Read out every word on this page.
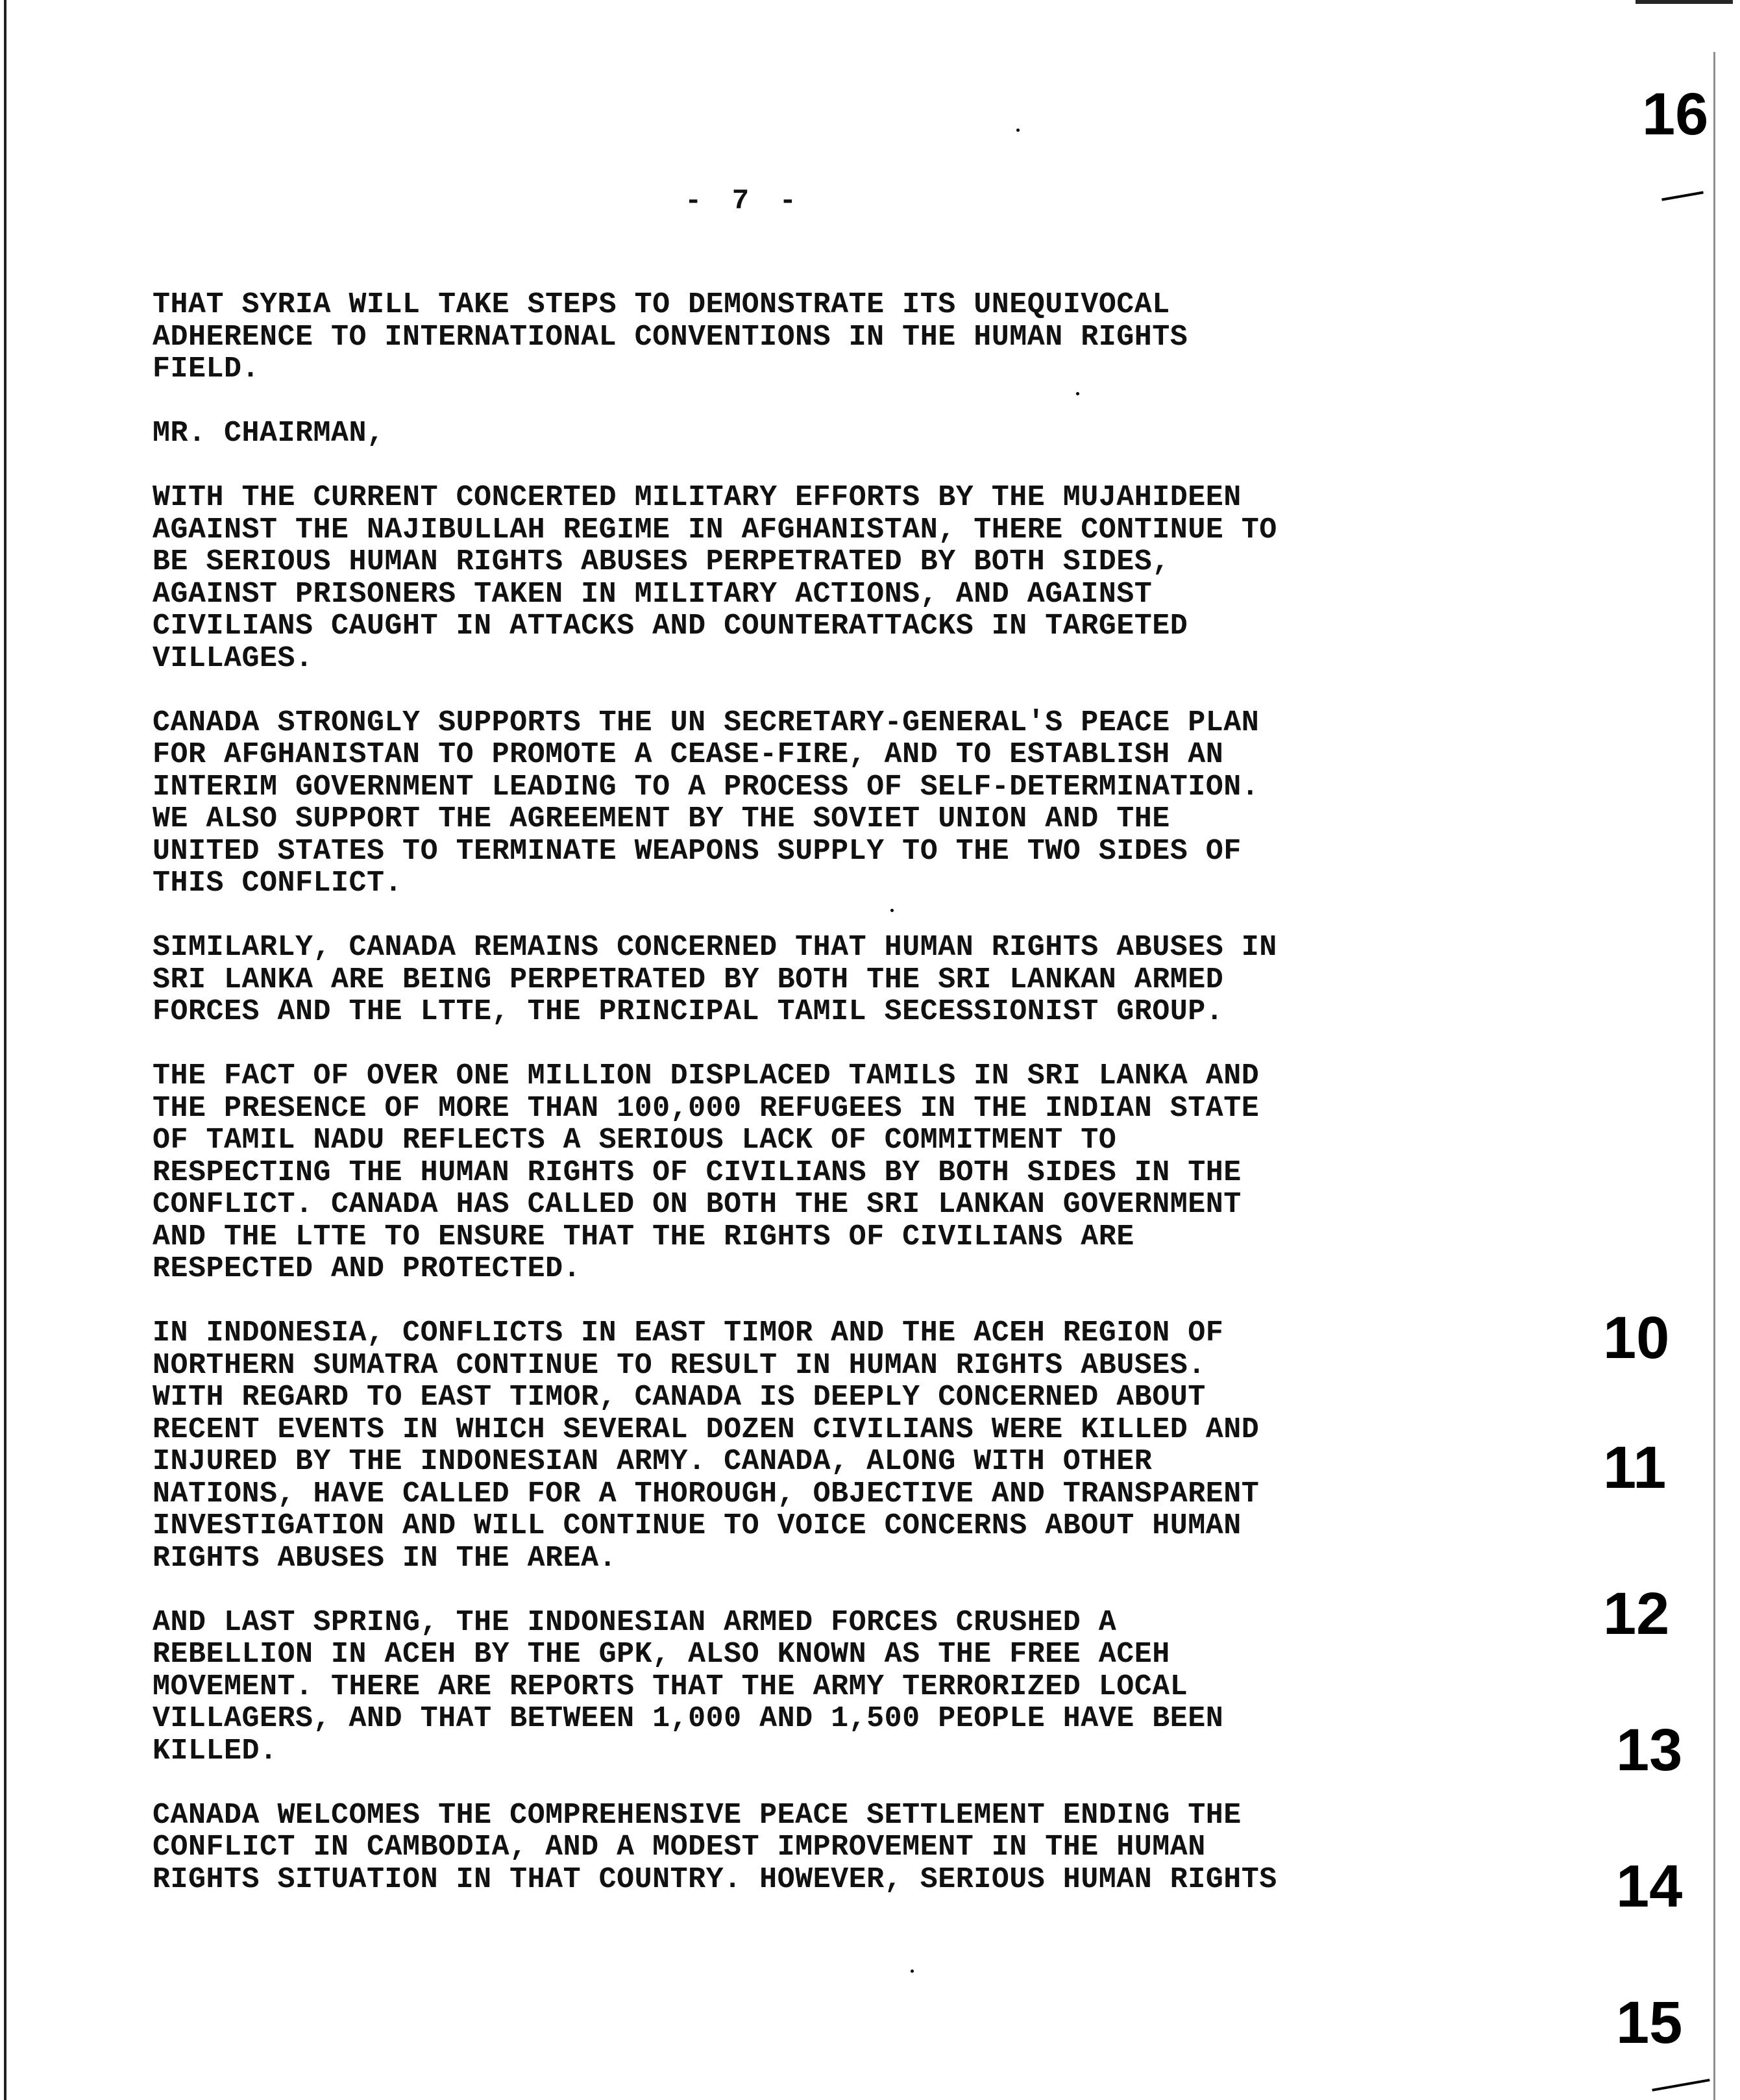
- 7 -

THAT SYRIA WILL TAKE STEPS TO DEMONSTRATE ITS UNEQUIVOCAL
ADHERENCE TO INTERNATIONAL CONVENTIONS IN THE HUMAN RIGHTS
FIELD.

MR. CHAIRMAN,

WITH THE CURRENT CONCERTED MILITARY EFFORTS BY THE MUJAHIDEEN
AGAINST THE NAJIBULLAH REGIME IN AFGHANISTAN, THERE CONTINUE TO
BE SERIOUS HUMAN RIGHTS ABUSES PERPETRATED BY BOTH SIDES,
AGAINST PRISONERS TAKEN IN MILITARY ACTIONS, AND AGAINST
CIVILIANS CAUGHT IN ATTACKS AND COUNTERATTACKS IN TARGETED
VILLAGES.

CANADA STRONGLY SUPPORTS THE UN SECRETARY-GENERAL'S PEACE PLAN
FOR AFGHANISTAN TO PROMOTE A CEASE-FIRE, AND TO ESTABLISH AN
INTERIM GOVERNMENT LEADING TO A PROCESS OF SELF-DETERMINATION.
WE ALSO SUPPORT THE AGREEMENT BY THE SOVIET UNION AND THE
UNITED STATES TO TERMINATE WEAPONS SUPPLY TO THE TWO SIDES OF
THIS CONFLICT.

SIMILARLY, CANADA REMAINS CONCERNED THAT HUMAN RIGHTS ABUSES IN
SRI LANKA ARE BEING PERPETRATED BY BOTH THE SRI LANKAN ARMED
FORCES AND THE LTTE, THE PRINCIPAL TAMIL SECESSIONIST GROUP.

THE FACT OF OVER ONE MILLION DISPLACED TAMILS IN SRI LANKA AND
THE PRESENCE OF MORE THAN 100,000 REFUGEES IN THE INDIAN STATE
OF TAMIL NADU REFLECTS A SERIOUS LACK OF COMMITMENT TO
RESPECTING THE HUMAN RIGHTS OF CIVILIANS BY BOTH SIDES IN THE
CONFLICT. CANADA HAS CALLED ON BOTH THE SRI LANKAN GOVERNMENT
AND THE LTTE TO ENSURE THAT THE RIGHTS OF CIVILIANS ARE
RESPECTED AND PROTECTED.

IN INDONESIA, CONFLICTS IN EAST TIMOR AND THE ACEH REGION OF
NORTHERN SUMATRA CONTINUE TO RESULT IN HUMAN RIGHTS ABUSES.
WITH REGARD TO EAST TIMOR, CANADA IS DEEPLY CONCERNED ABOUT
RECENT EVENTS IN WHICH SEVERAL DOZEN CIVILIANS WERE KILLED AND
INJURED BY THE INDONESIAN ARMY. CANADA, ALONG WITH OTHER
NATIONS, HAVE CALLED FOR A THOROUGH, OBJECTIVE AND TRANSPARENT
INVESTIGATION AND WILL CONTINUE TO VOICE CONCERNS ABOUT HUMAN
RIGHTS ABUSES IN THE AREA.

AND LAST SPRING, THE INDONESIAN ARMED FORCES CRUSHED A
REBELLION IN ACEH BY THE GPK, ALSO KNOWN AS THE FREE ACEH
MOVEMENT. THERE ARE REPORTS THAT THE ARMY TERRORIZED LOCAL
VILLAGERS, AND THAT BETWEEN 1,000 AND 1,500 PEOPLE HAVE BEEN
KILLED.

CANADA WELCOMES THE COMPREHENSIVE PEACE SETTLEMENT ENDING THE
CONFLICT IN CAMBODIA, AND A MODEST IMPROVEMENT IN THE HUMAN
RIGHTS SITUATION IN THAT COUNTRY. HOWEVER, SERIOUS HUMAN RIGHTS

16
10
11
12
13
14
15
